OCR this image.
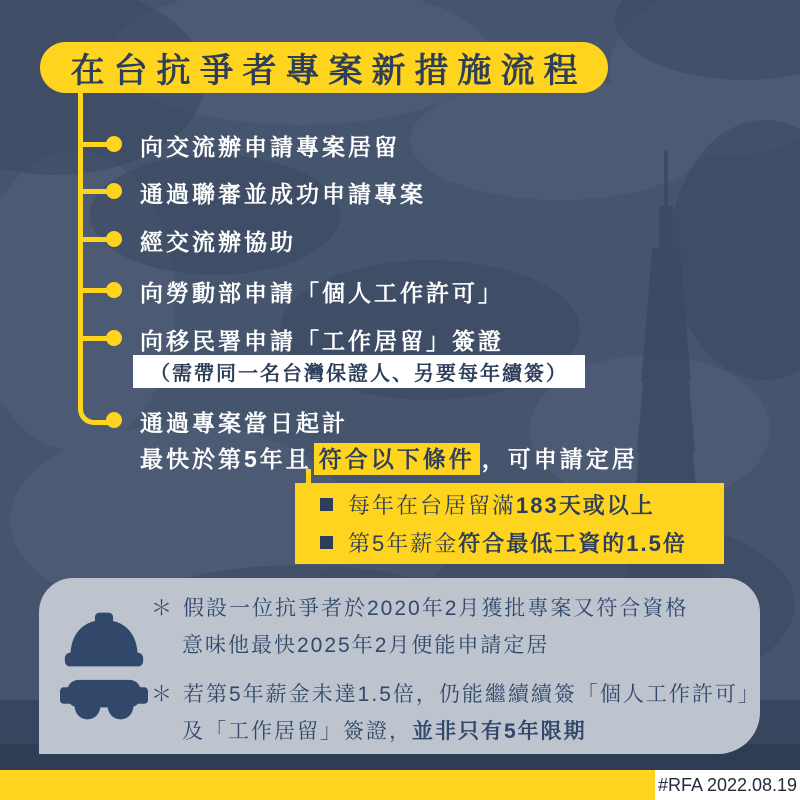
在台抗爭者專案新措施流程
向交流辦申請專案居留
通過聯審並成功申請專案
經交流辦協助
向勞動部申請「個人工作許可」
向移民署申請「工作居留」簽證
（需帶同一名台灣保證人、另要每年續簽）
通過專案當日起計
最快於第5年且 符合以下條件 ，可申請定居
每年在台居留滿 183天或以上
第5年薪金 符合最低工資的1.5倍
＊ 假設一位抗爭者於2020年2月獲批專案又符合資格
意味他最快2025年2月便能申請定居
＊ 若第5年薪金未達1.5倍，仍能繼續續簽「個人工作許可」
及「工作居留」簽證， 並非只有5年限期
#RFA 2022.08.19
